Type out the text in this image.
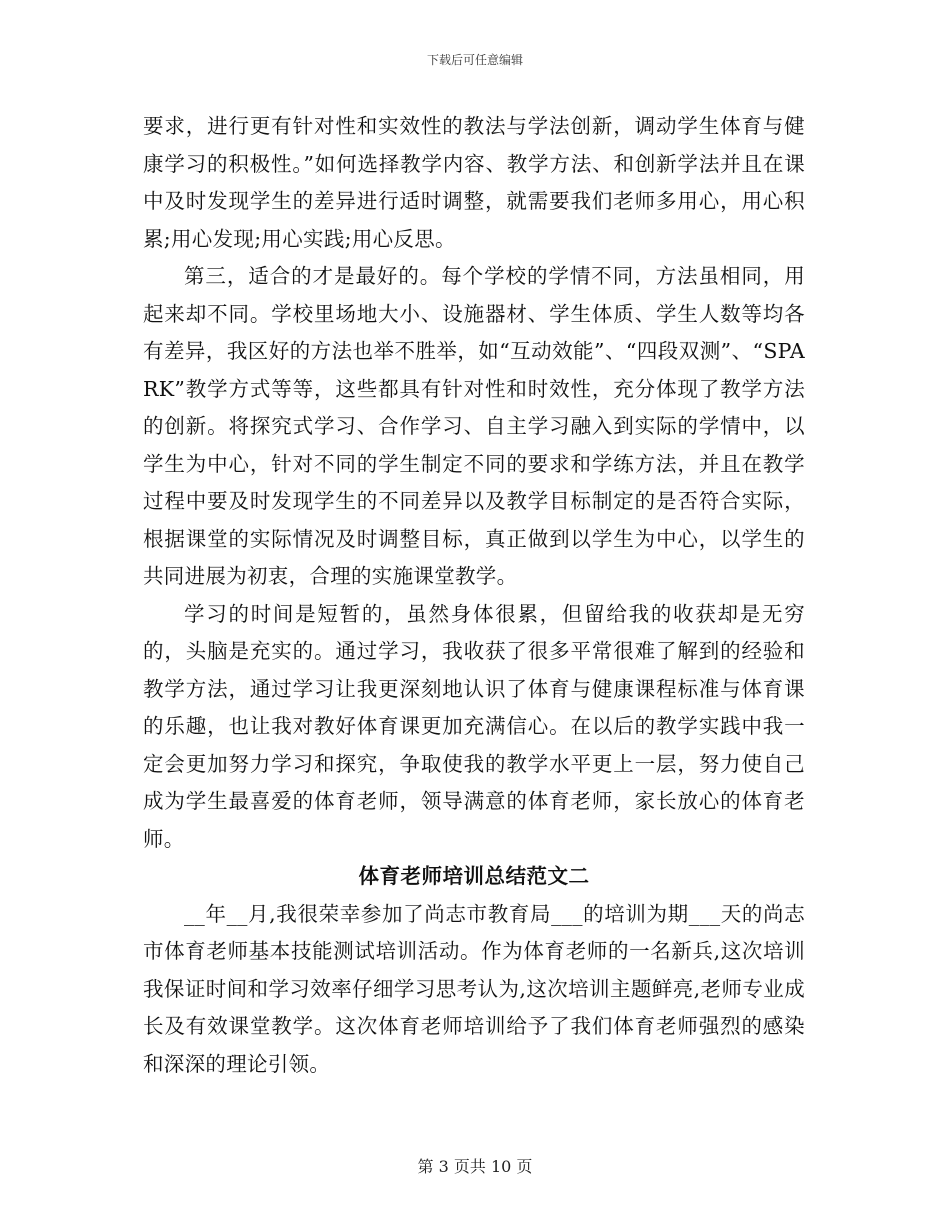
下载后可任意编辑

要求，进行更有针对性和实效性的教法与学法创新，调动学生体育与健康学习的积极性。”如何选择教学内容、教学方法、和创新学法并且在课中及时发现学生的差异进行适时调整，就需要我们老师多用心，用心积累;用心发现;用心实践;用心反思。

第三，适合的才是最好的。每个学校的学情不同，方法虽相同，用起来却不同。学校里场地大小、设施器材、学生体质、学生人数等均各有差异，我区好的方法也举不胜举，如“互动效能”、“四段双测”、“SPARK”教学方式等等，这些都具有针对性和时效性，充分体现了教学方法的创新。将探究式学习、合作学习、自主学习融入到实际的学情中，以学生为中心，针对不同的学生制定不同的要求和学练方法，并且在教学过程中要及时发现学生的不同差异以及教学目标制定的是否符合实际，根据课堂的实际情况及时调整目标，真正做到以学生为中心，以学生的共同进展为初衷，合理的实施课堂教学。

学习的时间是短暂的，虽然身体很累，但留给我的收获却是无穷的，头脑是充实的。通过学习，我收获了很多平常很难了解到的经验和教学方法，通过学习让我更深刻地认识了体育与健康课程标准与体育课的乐趣，也让我对教好体育课更加充满信心。在以后的教学实践中我一定会更加努力学习和探究，争取使我的教学水平更上一层，努力使自己成为学生最喜爱的体育老师，领导满意的体育老师，家长放心的体育老师。

体育老师培训总结范文二

__年__月,我很荣幸参加了尚志市教育局___的培训为期___天的尚志市体育老师基本技能测试培训活动。作为体育老师的一名新兵,这次培训我保证时间和学习效率仔细学习思考认为,这次培训主题鲜亮,老师专业成长及有效课堂教学。这次体育老师培训给予了我们体育老师强烈的感染和深深的理论引领。

第 3 页共 10 页
